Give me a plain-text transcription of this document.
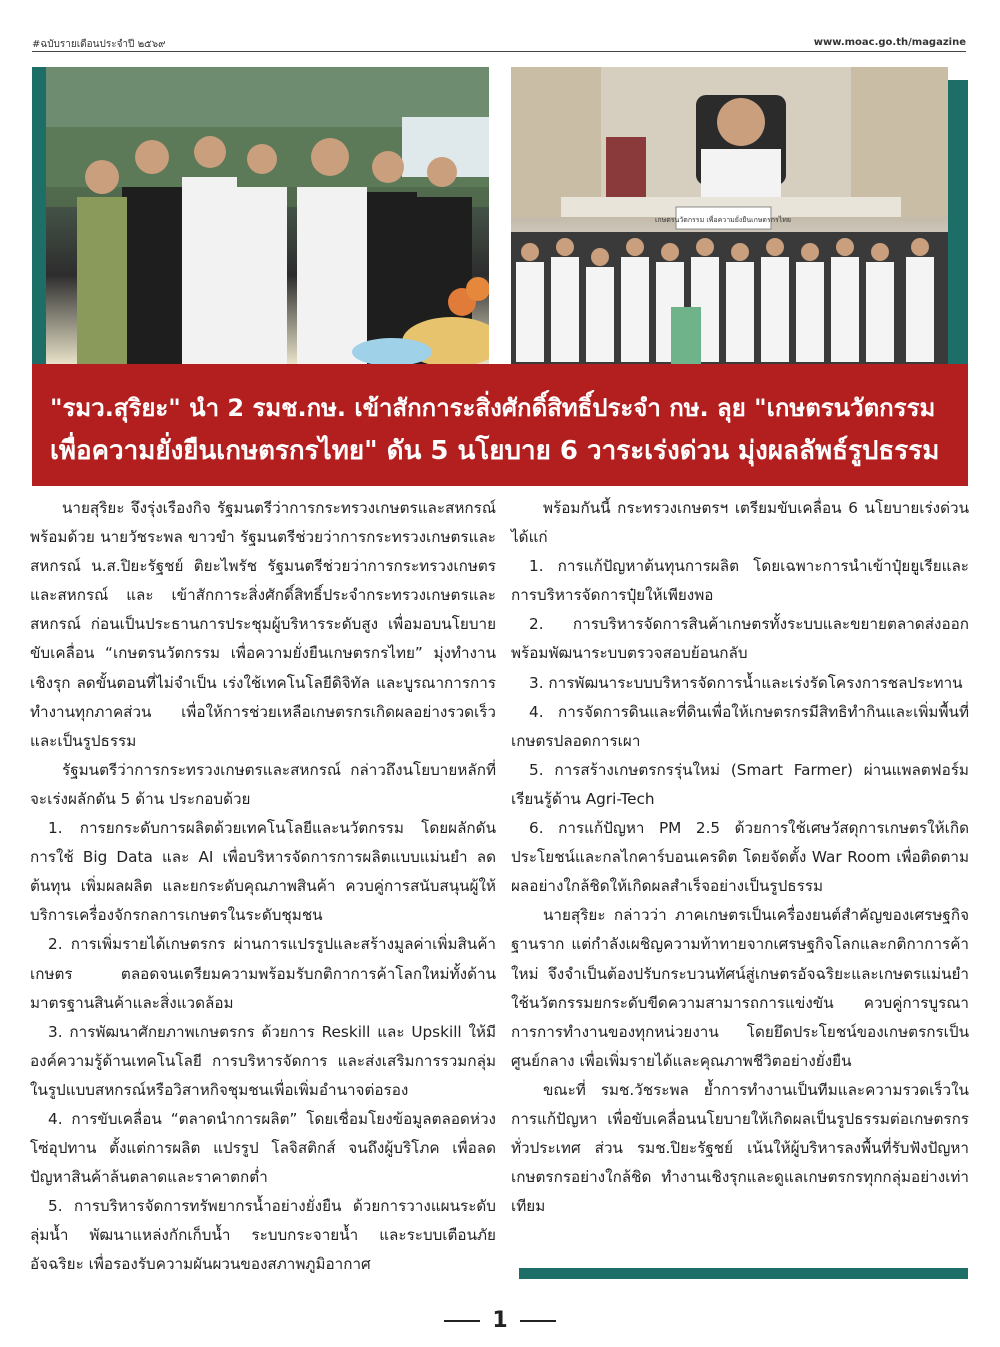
#ฉบับรายเดือนประจำปี ๒๕๖๙	www.moac.go.th/magazine
เกษตรนวัตกรรม เพื่อความยั่งยืนเกษตรกรไทย
"รมว.สุริยะ" นำ 2 รมช.กษ. เข้าสักการะสิ่งศักดิ์สิทธิ์ประจำ กษ. ลุย "เกษตรนวัตกรรม
เพื่อความยั่งยืนเกษตรกรไทย" ดัน 5 นโยบาย 6 วาระเร่งด่วน มุ่งผลลัพธ์รูปธรรม

นายสุริยะ จึงรุ่งเรืองกิจ รัฐมนตรีว่าการกระทรวงเกษตรและสหกรณ์ พร้อมด้วย นายวัชระพล ขาวขำ รัฐมนตรีช่วยว่าการกระทรวงเกษตรและสหกรณ์ น.ส.ปิยะรัฐชย์ ติยะไพรัช รัฐมนตรีช่วยว่าการกระทรวงเกษตรและสหกรณ์ และ เข้าสักการะสิ่งศักดิ์สิทธิ์ประจำกระทรวงเกษตรและสหกรณ์ ก่อนเป็นประธานการประชุมผู้บริหารระดับสูง เพื่อมอบนโยบายขับเคลื่อน “เกษตรนวัตกรรม เพื่อความยั่งยืนเกษตรกรไทย” มุ่งทำงานเชิงรุก ลดขั้นตอนที่ไม่จำเป็น เร่งใช้เทคโนโลยีดิจิทัล และบูรณาการการทำงานทุกภาคส่วน เพื่อให้การช่วยเหลือเกษตรกรเกิดผลอย่างรวดเร็วและเป็นรูปธรรม

รัฐมนตรีว่าการกระทรวงเกษตรและสหกรณ์ กล่าวถึงนโยบายหลักที่จะเร่งผลักดัน 5 ด้าน ประกอบด้วย

1. การยกระดับการผลิตด้วยเทคโนโลยีและนวัตกรรม โดยผลักดันการใช้ Big Data และ AI เพื่อบริหารจัดการการผลิตแบบแม่นยำ ลดต้นทุน เพิ่มผลผลิต และยกระดับคุณภาพสินค้า ควบคู่การสนับสนุนผู้ให้บริการเครื่องจักรกลการเกษตรในระดับชุมชน

2. การเพิ่มรายได้เกษตรกร ผ่านการแปรรูปและสร้างมูลค่าเพิ่มสินค้าเกษตร ตลอดจนเตรียมความพร้อมรับกติกาการค้าโลกใหม่ทั้งด้านมาตรฐานสินค้าและสิ่งแวดล้อม

3. การพัฒนาศักยภาพเกษตรกร ด้วยการ Reskill และ Upskill ให้มีองค์ความรู้ด้านเทคโนโลยี การบริหารจัดการ และส่งเสริมการรวมกลุ่มในรูปแบบสหกรณ์หรือวิสาหกิจชุมชนเพื่อเพิ่มอำนาจต่อรอง

4. การขับเคลื่อน “ตลาดนำการผลิต” โดยเชื่อมโยงข้อมูลตลอดห่วงโซ่อุปทาน ตั้งแต่การผลิต แปรรูป โลจิสติกส์ จนถึงผู้บริโภค เพื่อลดปัญหาสินค้าล้นตลาดและราคาตกต่ำ

5. การบริหารจัดการทรัพยากรน้ำอย่างยั่งยืน ด้วยการวางแผนระดับลุ่มน้ำ พัฒนาแหล่งกักเก็บน้ำ ระบบกระจายน้ำ และระบบเตือนภัยอัจฉริยะ เพื่อรองรับความผันผวนของสภาพภูมิอากาศ

พร้อมกันนี้ กระทรวงเกษตรฯ เตรียมขับเคลื่อน 6 นโยบายเร่งด่วน ได้แก่

1. การแก้ปัญหาต้นทุนการผลิต โดยเฉพาะการนำเข้าปุ๋ยยูเรียและการบริหารจัดการปุ๋ยให้เพียงพอ

2. การบริหารจัดการสินค้าเกษตรทั้งระบบและขยายตลาดส่งออกพร้อมพัฒนาระบบตรวจสอบย้อนกลับ

3. การพัฒนาระบบบริหารจัดการน้ำและเร่งรัดโครงการชลประทาน

4. การจัดการดินและที่ดินเพื่อให้เกษตรกรมีสิทธิทำกินและเพิ่มพื้นที่เกษตรปลอดการเผา

5. การสร้างเกษตรกรรุ่นใหม่ (Smart Farmer) ผ่านแพลตฟอร์มเรียนรู้ด้าน Agri-Tech

6. การแก้ปัญหา PM 2.5 ด้วยการใช้เศษวัสดุการเกษตรให้เกิดประโยชน์และกลไกคาร์บอนเครดิต โดยจัดตั้ง War Room เพื่อติดตามผลอย่างใกล้ชิดให้เกิดผลสำเร็จอย่างเป็นรูปธรรม

นายสุริยะ กล่าวว่า ภาคเกษตรเป็นเครื่องยนต์สำคัญของเศรษฐกิจฐานราก แต่กำลังเผชิญความท้าทายจากเศรษฐกิจโลกและกติกาการค้าใหม่ จึงจำเป็นต้องปรับกระบวนทัศน์สู่เกษตรอัจฉริยะและเกษตรแม่นยำ ใช้นวัตกรรมยกระดับขีดความสามารถการแข่งขัน ควบคู่การบูรณาการการทำงานของทุกหน่วยงาน โดยยึดประโยชน์ของเกษตรกรเป็นศูนย์กลาง เพื่อเพิ่มรายได้และคุณภาพชีวิตอย่างยั่งยืน

ขณะที่ รมช.วัชระพล ย้ำการทำงานเป็นทีมและความรวดเร็วในการแก้ปัญหา เพื่อขับเคลื่อนนโยบายให้เกิดผลเป็นรูปธรรมต่อเกษตรกรทั่วประเทศ ส่วน รมช.ปิยะรัฐชย์ เน้นให้ผู้บริหารลงพื้นที่รับฟังปัญหาเกษตรกรอย่างใกล้ชิด ทำงานเชิงรุกและดูแลเกษตรกรทุกกลุ่มอย่างเท่าเทียม

1
